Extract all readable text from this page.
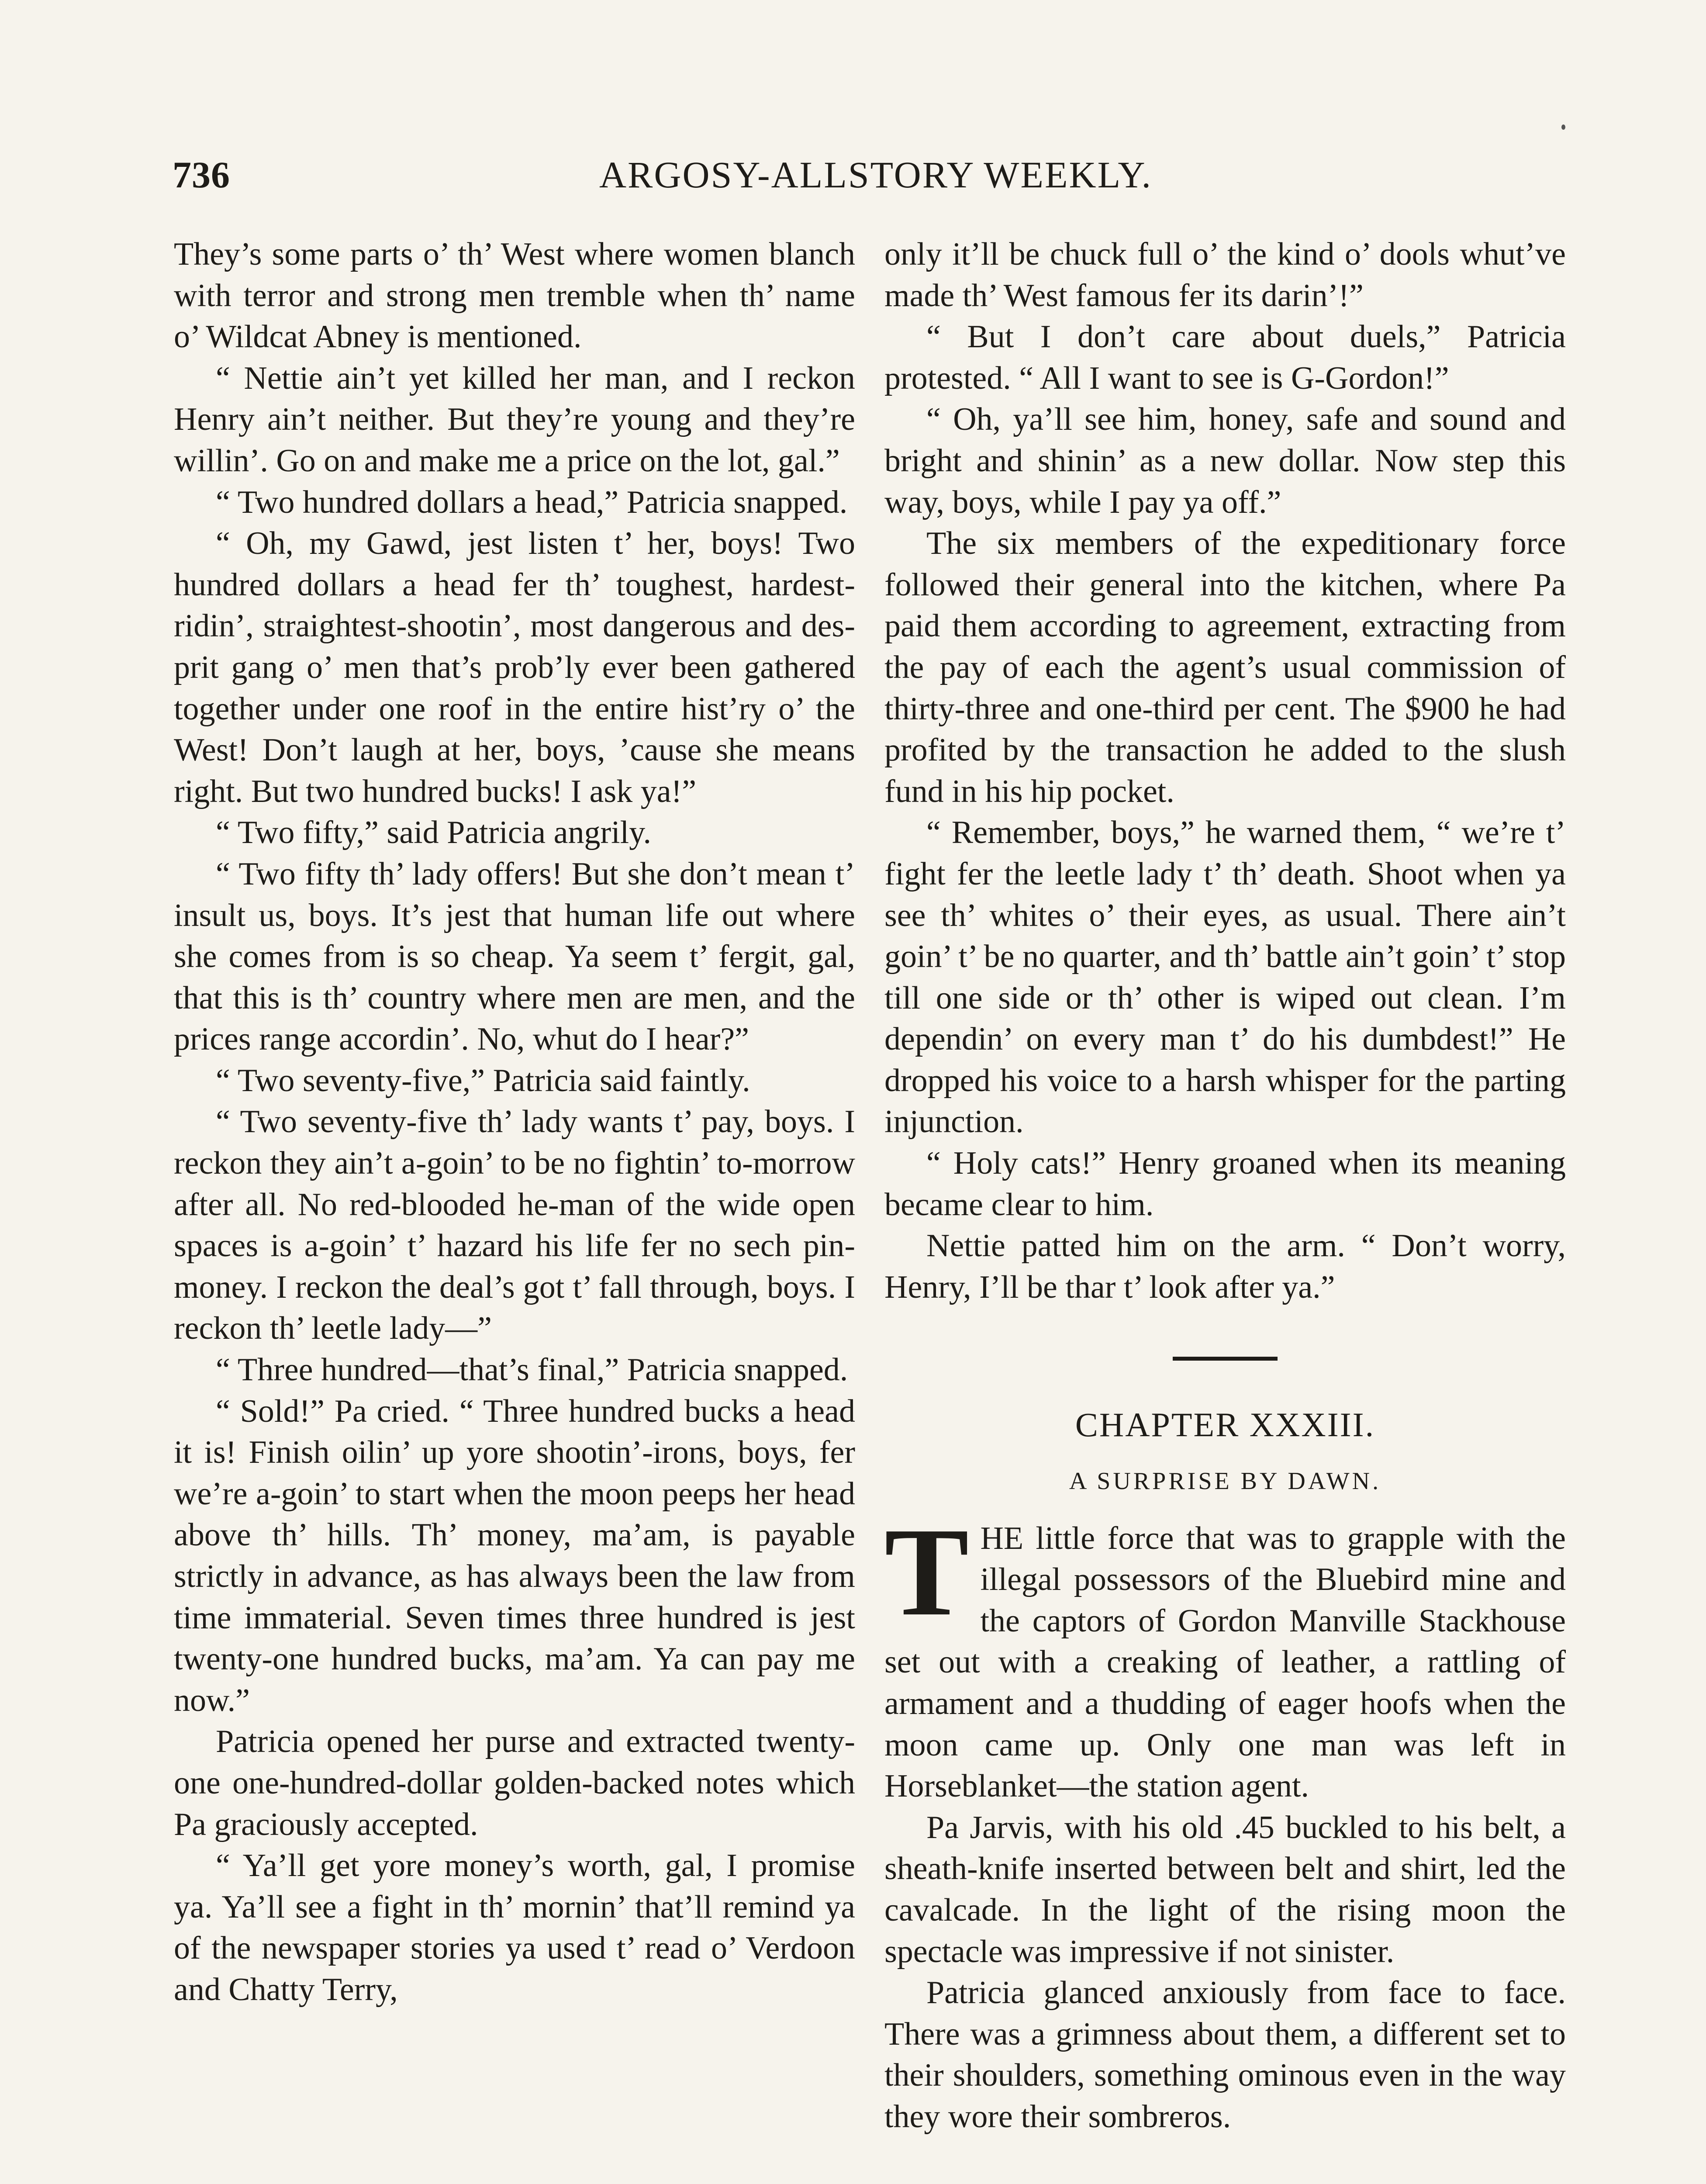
736	ARGOSY-ALLSTORY WEEKLY.

They’s some parts o’ th’ West where women blanch with terror and strong men tremble when th’ name o’ Wildcat Abney is mentioned.

“ Nettie ain’t yet killed her man, and I reckon Henry ain’t neither. But they’re young and they’re willin’. Go on and make me a price on the lot, gal.”

“ Two hundred dollars a head,” Patricia snapped.

“ Oh, my Gawd, jest listen t’ her, boys! Two hundred dollars a head fer th’ toughest, hardest-ridin’, straightest-shootin’, most dangerous and des-prit gang o’ men that’s prob’ly ever been gathered together under one roof in the entire hist’ry o’ the West! Don’t laugh at her, boys, ’cause she means right. But two hundred bucks! I ask ya!”

“ Two fifty,” said Patricia angrily.

“ Two fifty th’ lady offers! But she don’t mean t’ insult us, boys. It’s jest that human life out where she comes from is so cheap. Ya seem t’ fergit, gal, that this is th’ country where men are men, and the prices range accordin’. No, whut do I hear?”

“ Two seventy-five,” Patricia said faintly.

“ Two seventy-five th’ lady wants t’ pay, boys. I reckon they ain’t a-goin’ to be no fightin’ to-morrow after all. No red-blooded he-man of the wide open spaces is a-goin’ t’ hazard his life fer no sech pin-money. I reckon the deal’s got t’ fall through, boys. I reckon th’ leetle lady—”

“ Three hundred—that’s final,” Patricia snapped.

“ Sold!” Pa cried. “ Three hundred bucks a head it is! Finish oilin’ up yore shootin’-irons, boys, fer we’re a-goin’ to start when the moon peeps her head above th’ hills. Th’ money, ma’am, is payable strictly in advance, as has always been the law from time immaterial. Seven times three hundred is jest twenty-one hundred bucks, ma’am. Ya can pay me now.”

Patricia opened her purse and extracted twenty-one one-hundred-dollar golden-backed notes which Pa graciously accepted.

“ Ya’ll get yore money’s worth, gal, I promise ya. Ya’ll see a fight in th’ mornin’ that’ll remind ya of the newspaper stories ya used t’ read o’ Verdoon and Chatty Terry,

only it’ll be chuck full o’ the kind o’ dools whut’ve made th’ West famous fer its darin’!”

“ But I don’t care about duels,” Patricia protested. “ All I want to see is G-Gordon!”

“ Oh, ya’ll see him, honey, safe and sound and bright and shinin’ as a new dollar. Now step this way, boys, while I pay ya off.”

The six members of the expeditionary force followed their general into the kitchen, where Pa paid them according to agreement, extracting from the pay of each the agent’s usual commission of thirty-three and one-third per cent. The $900 he had profited by the transaction he added to the slush fund in his hip pocket.

“ Remember, boys,” he warned them, “ we’re t’ fight fer the leetle lady t’ th’ death. Shoot when ya see th’ whites o’ their eyes, as usual. There ain’t goin’ t’ be no quarter, and th’ battle ain’t goin’ t’ stop till one side or th’ other is wiped out clean. I’m dependin’ on every man t’ do his dumbdest!” He dropped his voice to a harsh whisper for the parting injunction.

“ Holy cats!” Henry groaned when its meaning became clear to him.

Nettie patted him on the arm. “ Don’t worry, Henry, I’ll be thar t’ look after ya.”

CHAPTER XXXIII.

A SURPRISE BY DAWN.

THE little force that was to grapple with the illegal possessors of the Bluebird mine and the captors of Gordon Manville Stackhouse set out with a creaking of leather, a rattling of armament and a thudding of eager hoofs when the moon came up. Only one man was left in Horseblanket—the station agent.

Pa Jarvis, with his old .45 buckled to his belt, a sheath-knife inserted between belt and shirt, led the cavalcade. In the light of the rising moon the spectacle was impressive if not sinister.

Patricia glanced anxiously from face to face. There was a grimness about them, a different set to their shoulders, something ominous even in the way they wore their sombreros.
